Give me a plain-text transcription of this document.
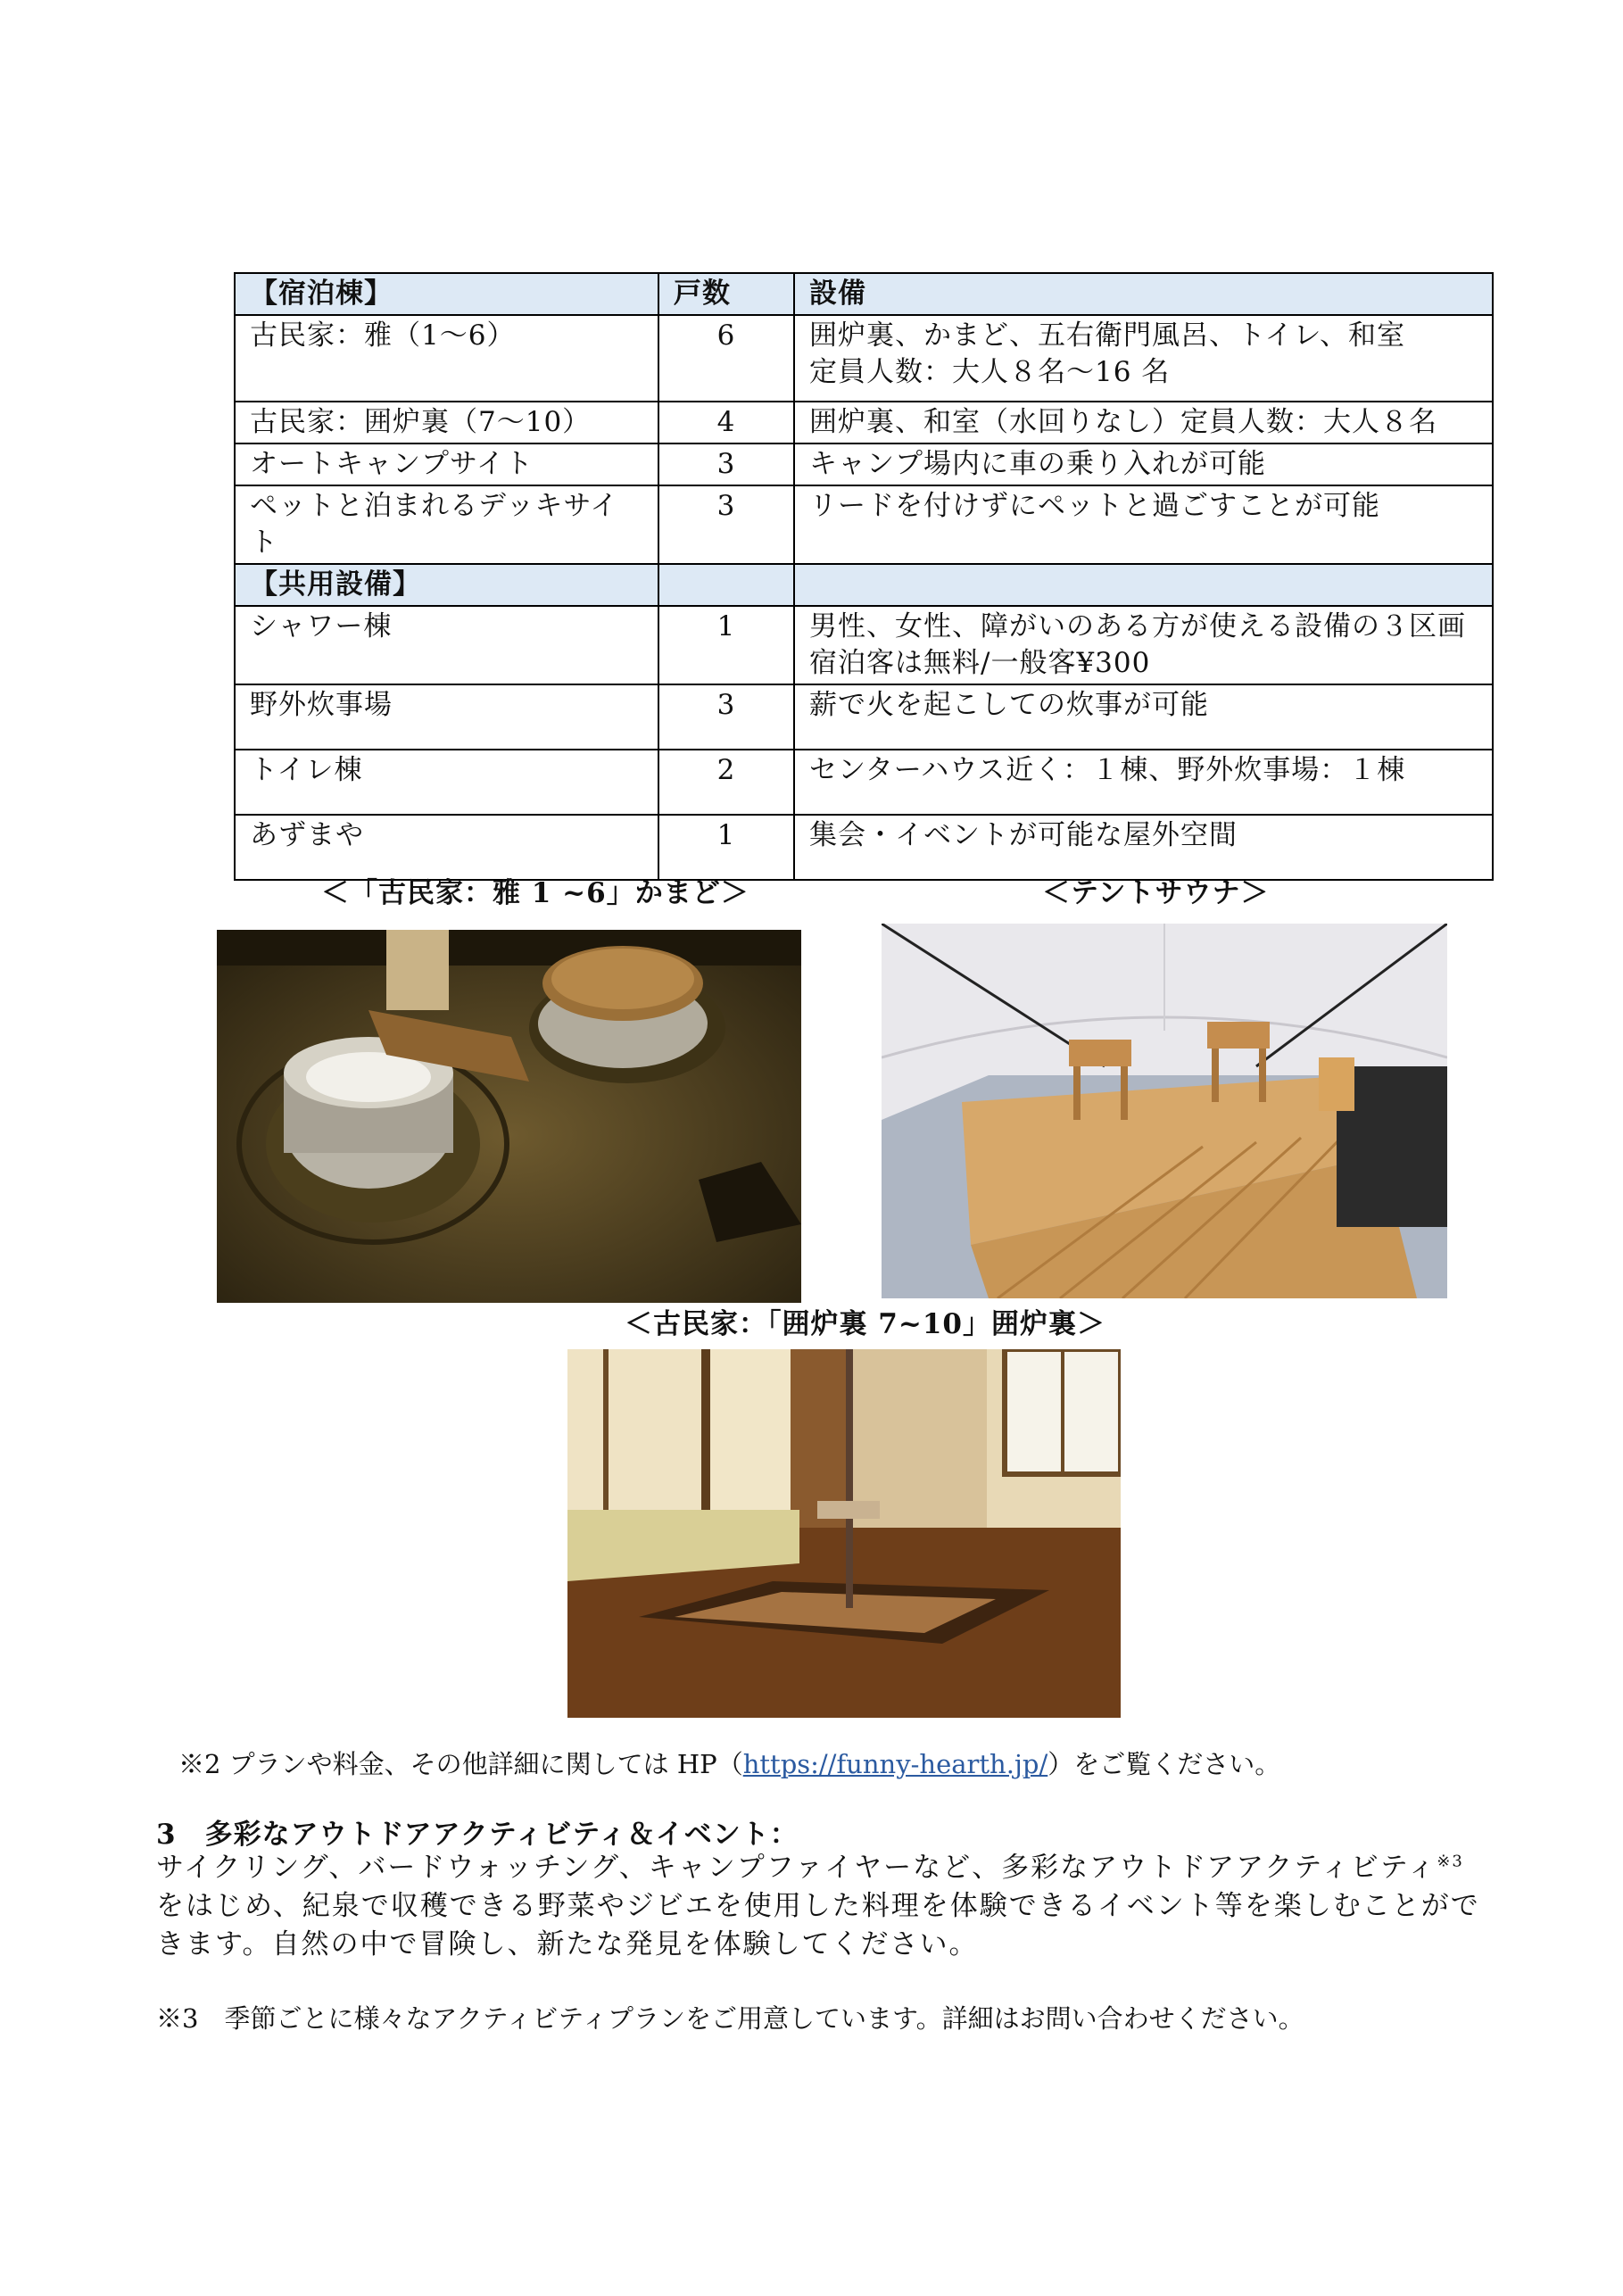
【宿泊棟】	戸数	設備
古民家：雅（1～6）	6	囲炉裏、かまど、五右衛門風呂、トイレ、和室
定員人数：大人８名～16 名

古民家：囲炉裏（7～10）	4	囲炉裏、和室（水回りなし）定員人数：大人８名

オートキャンプサイト	3	キャンプ場内に車の乗り入れが可能

ペットと泊まれるデッキサイト	3	リードを付けずにペットと過ごすことが可能

【共用設備】		
シャワー棟	1	男性、女性、障がいのある方が使える設備の３区画
宿泊客は無料/一般客¥300

野外炊事場	3	薪で火を起こしての炊事が可能

トイレ棟	2	センターハウス近く：１棟、野外炊事場：１棟

あずまや	1	集会・イベントが可能な屋外空間
＜「古民家：雅 1 ~6」かまど＞	＜テントサウナ＞
＜古民家：「囲炉裏 7~10」囲炉裏＞
※2 プランや料金、その他詳細に関しては HP（https://funny-hearth.jp/）をご覧ください。
3　多彩なアウトドアアクティビティ＆イベント：
サイクリング、バードウォッチング、キャンプファイヤーなど、多彩なアウトドアアクティビティ$^{※3}$
をはじめ、紀泉で収穫できる野菜やジビエを使用した料理を体験できるイベント等を楽しむことがで
きます。自然の中で冒険し、新たな発見を体験してください。
※3　季節ごとに様々なアクティビティプランをご用意しています。詳細はお問い合わせください。
